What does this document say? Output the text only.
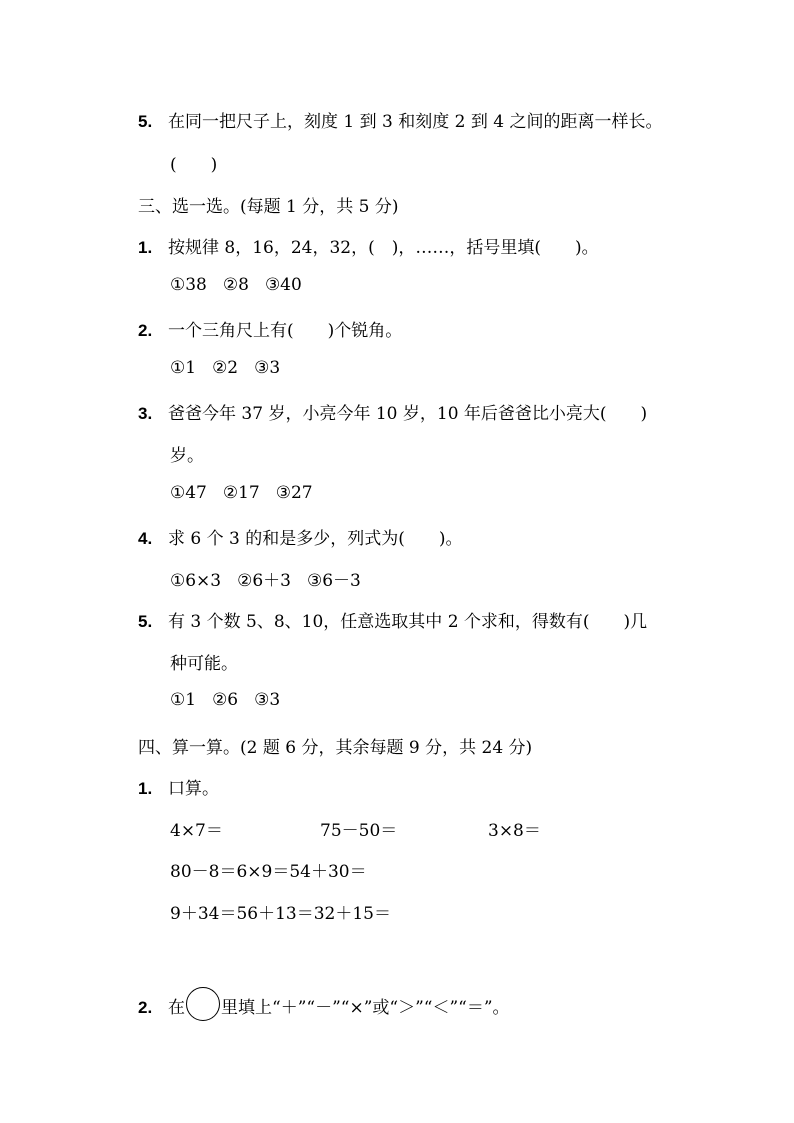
5. 在同一把尺子上，刻度 1 到 3 和刻度 2 到 4 之间的距离一样长。
(　　)
三、选一选。(每题 1 分，共 5 分)
1. 按规律 8，16，24，32，(　)，……，括号里填(　　)。
①38 ②8 ③40
2. 一个三角尺上有(　　)个锐角。
①1 ②2 ③3
3. 爸爸今年 37 岁，小亮今年 10 岁，10 年后爸爸比小亮大(　　)
岁。
①47 ②17 ③27
4. 求 6 个 3 的和是多少，列式为(　　)。
①6×3 ②6＋3 ③6－3
5. 有 3 个数 5、8、10，任意选取其中 2 个求和，得数有(　　)几
种可能。
①1 ②6 ③3
四、算一算。(2 题 6 分，其余每题 9 分，共 24 分)
1. 口算。
4×7＝	75－50＝	3×8＝
80－8＝6×9＝54＋30＝
9＋34＝56＋13＝32＋15＝
2. 在 里填上“＋”“－”“×”或“＞”“＜”“＝”。
